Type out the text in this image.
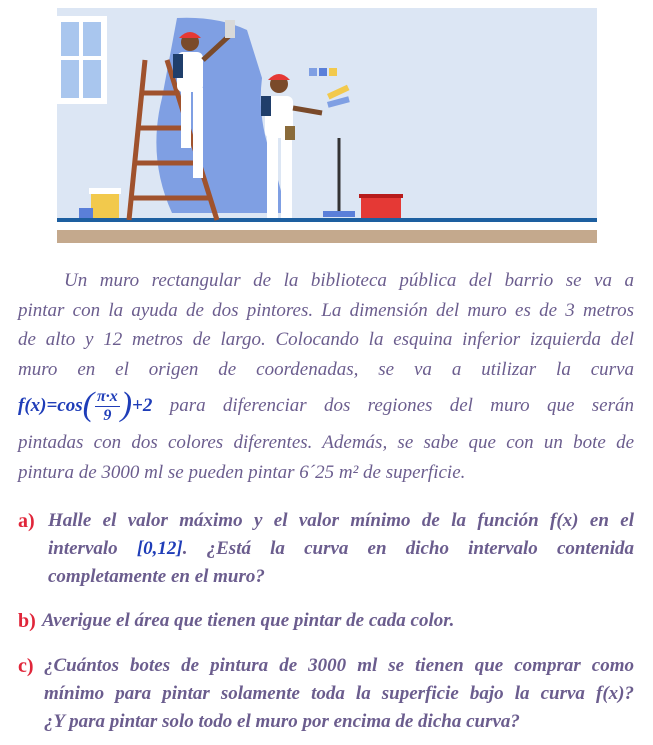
Un muro rectangular de la biblioteca pública del barrio se va a
pintar con la ayuda de dos pintores. La dimensión del muro es de 3 metros
de alto y 12 metros de largo. Colocando la esquina inferior izquierda del
muro en el origen de coordenadas, se va a utilizar la curva
$f(x)=\cos( \frac{\pi\cdot x}{9} )+2$ para diferenciar dos regiones del muro que serán
pintadas con dos colores diferentes. Además, se sabe que con un bote de
pintura de 3000 ml se pueden pintar 6´25 m² de superficie.
a) Halle el valor máximo y el valor mínimo de la función f(x) en el
intervalo [0,12]. ¿Está la curva en dicho intervalo contenida
completamente en el muro?
b) Averigue el área que tienen que pintar de cada color.
c) ¿Cuántos botes de pintura de 3000 ml se tienen que comprar como
mínimo para pintar solamente toda la superficie bajo la curva f(x)?
¿Y para pintar solo todo el muro por encima de dicha curva?
